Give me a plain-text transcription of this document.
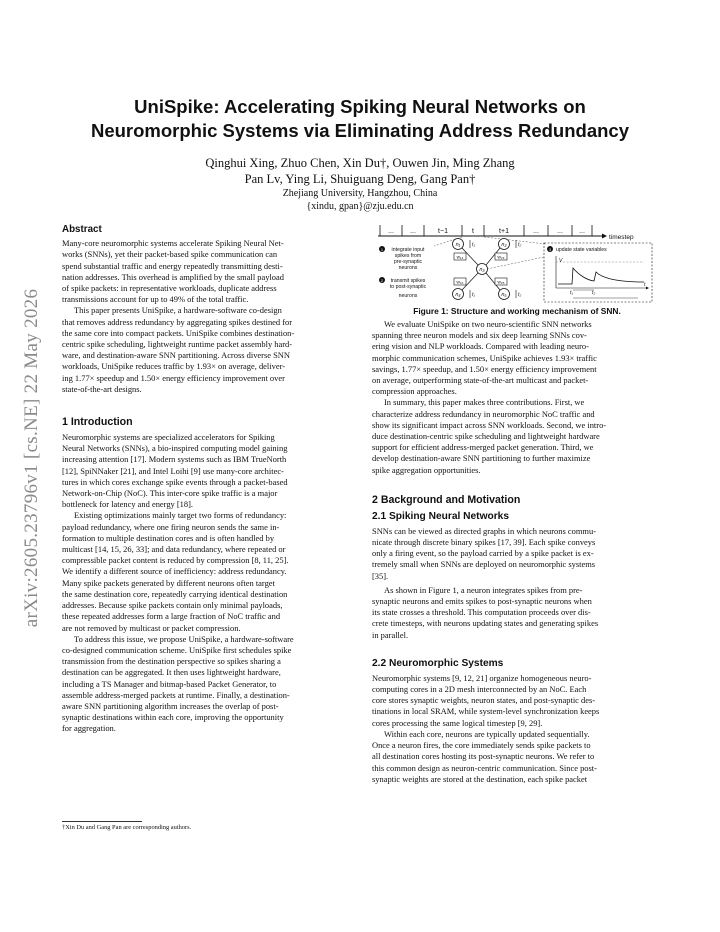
UniSpike: Accelerating Spiking Neural Networks on
Neuromorphic Systems via Eliminating Address Redundancy
Qinghui Xing, Zhuo Chen, Xin Du†, Ouwen Jin, Ming Zhang
Pan Lv, Ying Li, Shuiguang Deng, Gang Pan†
Zhejiang University, Hangzhou, China
{xindu, gpan}@zju.edu.cn
arXiv:2605.23796v1 [cs.NE] 22 May 2026
Abstract

Many-core neuromorphic systems accelerate Spiking Neural Net-

works (SNNs), yet their packet-based spike communication can

spend substantial traffic and energy repeatedly transmitting desti-

nation addresses. This overhead is amplified by the small payload

of spike packets: in representative workloads, duplicate address

transmissions account for up to 49% of the total traffic.

This paper presents UniSpike, a hardware-software co-design

that removes address redundancy by aggregating spikes destined for

the same core into compact packets. UniSpike combines destination-

centric spike scheduling, lightweight runtime packet assembly hard-

ware, and destination-aware SNN partitioning. Across diverse SNN

workloads, UniSpike reduces traffic by 1.93× on average, deliver-

ing 1.77× speedup and 1.50× energy efficiency improvement over

state-of-the-art designs.

1 Introduction

Neuromorphic systems are specialized accelerators for Spiking

Neural Networks (SNNs), a bio-inspired computing model gaining

increasing attention [17]. Modern systems such as IBM TrueNorth

[12], SpiNNaker [21], and Intel Loihi [9] use many-core architec-

tures in which cores exchange spike events through a packet-based

Network-on-Chip (NoC). This inter-core spike traffic is a major

bottleneck for latency and energy [18].

Existing optimizations mainly target two forms of redundancy:

payload redundancy, where one firing neuron sends the same in-

formation to multiple destination cores and is often handled by

multicast [14, 15, 26, 33]; and data redundancy, where repeated or

compressible packet content is reduced by compression [8, 11, 25].

We identify a different source of inefficiency: address redundancy.

Many spike packets generated by different neurons often target

the same destination core, repeatedly carrying identical destination

addresses. Because spike packets contain only minimal payloads,

these repeated addresses form a large fraction of NoC traffic and

are not removed by multicast or packet compression.

To address this issue, we propose UniSpike, a hardware-software

co-designed communication scheme. UniSpike first schedules spike

transmission from the destination perspective so spikes sharing a

destination can be aggregated. It then uses lightweight hardware,

including a TS Manager and bitmap-based Packet Generator, to

assemble address-merged packets at runtime. Finally, a destination-

aware SNN partitioning algorithm increases the overlap of post-

synaptic destinations within each core, improving the opportunity

for aggregation.

†Xin Du and Gang Pan are corresponding authors.
... ...	t−1	t	t+1	...	... ...
timestep
1 integrate input
spikes from
pre-synaptic
neurons
2 transmit spikes
to post-synaptic
neurons
n₁	n₂
n₃
n₄	n₅
w₁₃	w₂₃
w₃₄	w₃₅
t₁	t₂
t₁	t₂
3 update state variables
V
t
t₁	t₂
Figure 1: Structure and working mechanism of SNN.

We evaluate UniSpike on two neuro-scientific SNN networks

spanning three neuron models and six deep learning SNNs cov-

ering vision and NLP workloads. Compared with leading neuro-

morphic communication schemes, UniSpike achieves 1.93× traffic

savings, 1.77× speedup, and 1.50× energy efficiency improvement

on average, outperforming state-of-the-art multicast and packet-

compression approaches.

In summary, this paper makes three contributions. First, we

characterize address redundancy in neuromorphic NoC traffic and

show its significant impact across SNN workloads. Second, we intro-

duce destination-centric spike scheduling and lightweight hardware

support for efficient address-merged packet generation. Third, we

develop destination-aware SNN partitioning to further maximize

spike aggregation opportunities.

2 Background and Motivation
2.1 Spiking Neural Networks

SNNs can be viewed as directed graphs in which neurons commu-

nicate through discrete binary spikes [17, 39]. Each spike conveys

only a firing event, so the payload carried by a spike packet is ex-

tremely small when SNNs are deployed on neuromorphic systems

[35].

As shown in Figure 1, a neuron integrates spikes from pre-

synaptic neurons and emits spikes to post-synaptic neurons when

its state crosses a threshold. This computation proceeds over dis-

crete timesteps, with neurons updating states and generating spikes

in parallel.

2.2 Neuromorphic Systems

Neuromorphic systems [9, 12, 21] organize homogeneous neuro-

computing cores in a 2D mesh interconnected by an NoC. Each

core stores synaptic weights, neuron states, and post-synaptic des-

tinations in local SRAM, while system-level synchronization keeps

cores processing the same logical timestep [9, 29].

Within each core, neurons are typically updated sequentially.

Once a neuron fires, the core immediately sends spike packets to

all destination cores hosting its post-synaptic neurons. We refer to

this common design as neuron-centric communication. Since post-

synaptic weights are stored at the destination, each spike packet
